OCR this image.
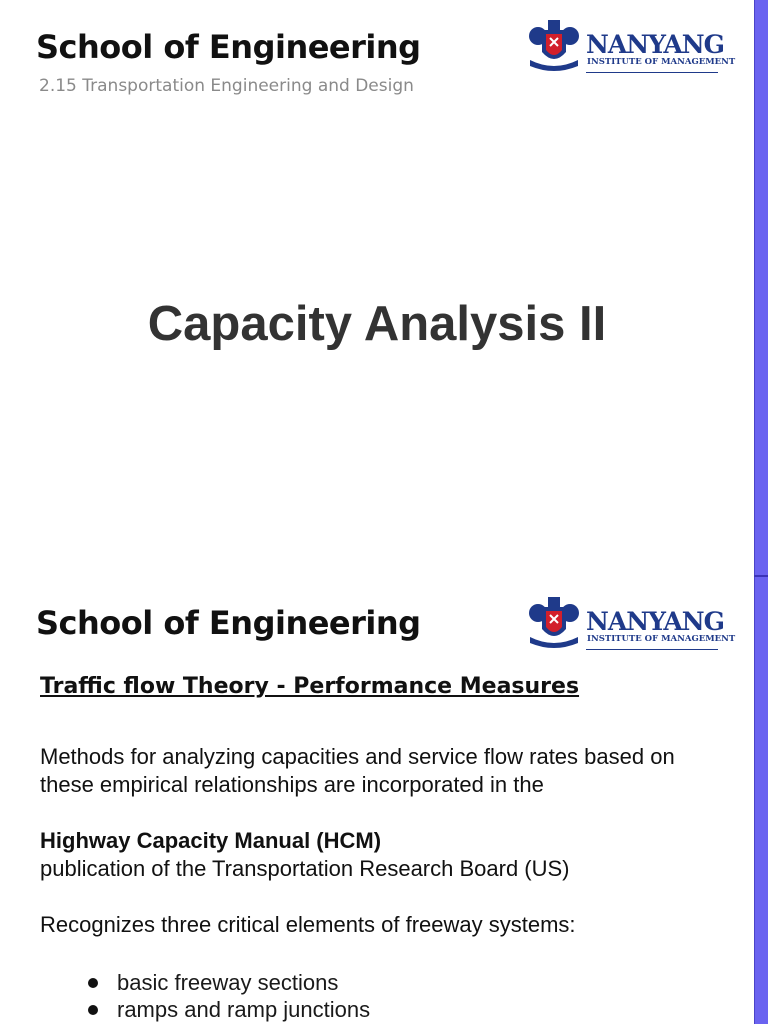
School of Engineering
2.15 Transportation Engineering and Design
NANYANG
INSTITUTE OF MANAGEMENT
Capacity Analysis II
School of Engineering	NANYANG
INSTITUTE OF MANAGEMENT
Traffic flow Theory - Performance Measures
Methods for analyzing capacities and service flow rates based on
these empirical relationships are incorporated in the
Highway Capacity Manual (HCM)
publication of the Transportation Research Board (US)
Recognizes three critical elements of freeway systems:
basic freeway sections
ramps and ramp junctions
